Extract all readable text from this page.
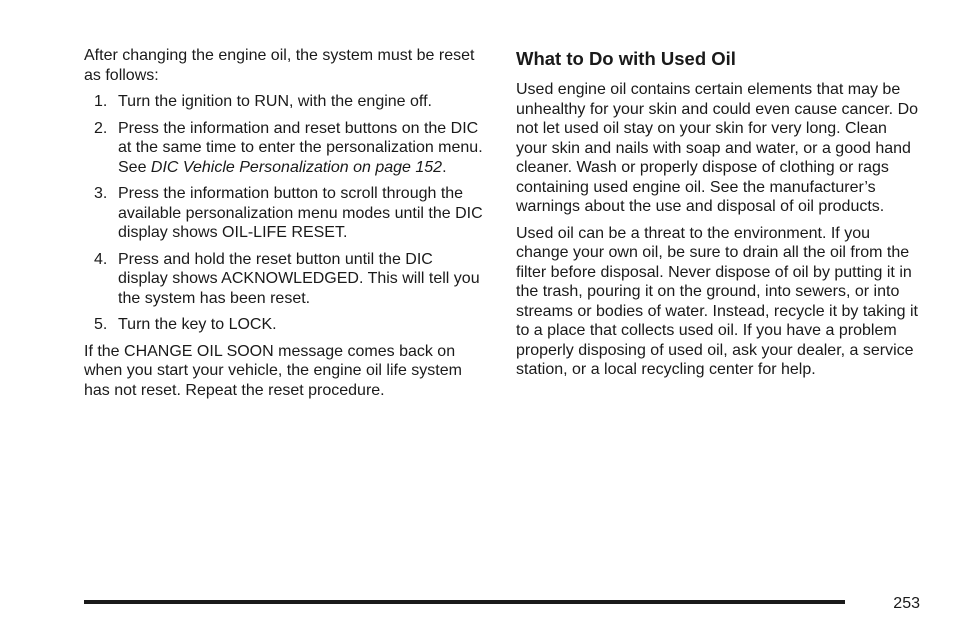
After changing the engine oil, the system must be reset as follows:

1. Turn the ignition to RUN, with the engine off.
2. Press the information and reset buttons on the DIC at the same time to enter the personalization menu. See DIC Vehicle Personalization on page 152.
3. Press the information button to scroll through the available personalization menu modes until the DIC display shows OIL-LIFE RESET.
4. Press and hold the reset button until the DIC display shows ACKNOWLEDGED. This will tell you the system has been reset.
5. Turn the key to LOCK.

If the CHANGE OIL SOON message comes back on when you start your vehicle, the engine oil life system has not reset. Repeat the reset procedure.

What to Do with Used Oil

Used engine oil contains certain elements that may be unhealthy for your skin and could even cause cancer. Do not let used oil stay on your skin for very long. Clean your skin and nails with soap and water, or a good hand cleaner. Wash or properly dispose of clothing or rags containing used engine oil. See the manufacturer’s warnings about the use and disposal of oil products.

Used oil can be a threat to the environment. If you change your own oil, be sure to drain all the oil from the filter before disposal. Never dispose of oil by putting it in the trash, pouring it on the ground, into sewers, or into streams or bodies of water. Instead, recycle it by taking it to a place that collects used oil. If you have a problem properly disposing of used oil, ask your dealer, a service station, or a local recycling center for help.

253
